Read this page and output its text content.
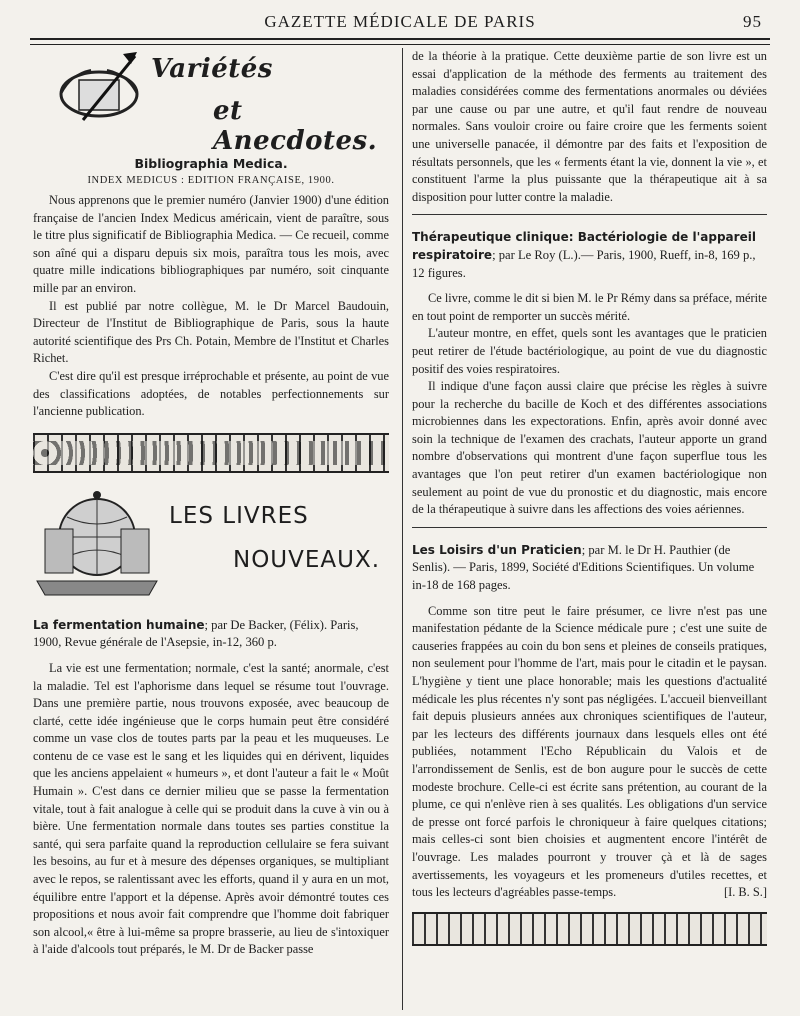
GAZETTE MÉDICALE DE PARIS	95
Variétés
et Anecdotes.
Bibliographia Medica.
INDEX MEDICUS : EDITION FRANÇAISE, 1900.

Nous apprenons que le premier numéro (Janvier 1900) d'une édition française de l'ancien Index Medicus américain, vient de paraître, sous le titre plus significatif de Bibliographia Medica. — Ce recueil, comme son aîné qui a disparu depuis six mois, paraîtra tous les mois, avec quatre mille indications bibliographiques par numéro, soit cinquante mille par an environ.

Il est publié par notre collègue, M. le Dr Marcel Baudouin, Directeur de l'Institut de Bibliographique de Paris, sous la haute autorité scientifique des Prs Ch. Potain, Membre de l'Institut et Charles Richet.

C'est dire qu'il est presque irréprochable et présente, au point de vue des classifications adoptées, de notables perfectionnements sur l'ancienne publication.

LES LIVRES
NOUVEAUX.
La fermentation humaine; par De Backer, (Félix). Paris, 1900, Revue générale de l'Asepsie, in-12, 360 p.

La vie est une fermentation; normale, c'est la santé; anormale, c'est la maladie. Tel est l'aphorisme dans lequel se résume tout l'ouvrage. Dans une première partie, nous trouvons exposée, avec beaucoup de clarté, cette idée ingénieuse que le corps humain peut être considéré comme un vase clos de toutes parts par la peau et les muqueuses. Le contenu de ce vase est le sang et les liquides qui en dérivent, liquides que les anciens appelaient « humeurs », et dont l'auteur a fait le « Moût Humain ». C'est dans ce dernier milieu que se passe la fermentation vitale, tout à fait analogue à celle qui se produit dans la cuve à vin ou à bière. Une fermentation normale dans toutes ses parties constitue la santé, qui sera parfaite quand la reproduction cellulaire se fera suivant les besoins, au fur et à mesure des dépenses organiques, se multipliant avec le repos, se ralentissant avec les efforts, quand il y aura en un mot, équilibre entre l'apport et la dépense. Après avoir démontré toutes ces propositions et nous avoir fait comprendre que l'homme doit fabriquer son alcool,« être à lui-même sa propre brasserie, au lieu de s'intoxiquer à l'aide d'alcools tout préparés, le M. Dr de Backer passe

de la théorie à la pratique. Cette deuxième partie de son livre est un essai d'application de la méthode des ferments au traitement des maladies considérées comme des fermentations anormales ou déviées par une cause ou par une autre, et qu'il faut rendre de nouveau normales. Sans vouloir croire ou faire croire que les ferments soient une universelle panacée, il démontre par des faits et l'exposition de résultats personnels, que les « ferments étant la vie, donnent la vie », et constituent l'arme la plus puissante que la thérapeutique ait à sa disposition pour lutter contre la maladie.

Thérapeutique clinique: Bactériologie de l'appareil respiratoire; par Le Roy (L.).— Paris, 1900, Rueff, in-8, 169 p., 12 figures.

Ce livre, comme le dit si bien M. le Pr Rémy dans sa préface, mérite en tout point de remporter un succès mérité.

L'auteur montre, en effet, quels sont les avantages que le praticien peut retirer de l'étude bactériologique, au point de vue du diagnostic positif des voies respiratoires.

Il indique d'une façon aussi claire que précise les règles à suivre pour la recherche du bacille de Koch et des différentes associations microbiennes dans les expectorations. Enfin, après avoir donné avec soin la technique de l'examen des crachats, l'auteur apporte un grand nombre d'observations qui montrent d'une façon superflue tous les avantages que l'on peut retirer d'un examen bactériologique non seulement au point de vue du pronostic et du diagnostic, mais encore de la thérapeutique à suivre dans les affections des voies aériennes.

Les Loisirs d'un Praticien; par M. le Dr H. Pauthier (de Senlis). — Paris, 1899, Société d'Editions Scientifiques. Un volume in-18 de 168 pages.

Comme son titre peut le faire présumer, ce livre n'est pas une manifestation pédante de la Science médicale pure ; c'est une suite de causeries frappées au coin du bon sens et pleines de conseils pratiques, non seulement pour l'homme de l'art, mais pour le citadin et le paysan. L'hygiène y tient une place honorable; mais les questions d'actualité médicale les plus récentes n'y sont pas négligées. L'accueil bienveillant fait depuis plusieurs années aux chroniques scientifiques de l'auteur, par les lecteurs des différents journaux dans lesquels elles ont été publiées, notamment l'Echo Républicain du Valois et de l'arrondissement de Senlis, est de bon augure pour le succès de cette modeste brochure. Celle-ci est écrite sans prétention, au courant de la plume, ce qui n'enlève rien à ses qualités. Les obligations d'un service de presse ont forcé parfois le chroniqueur à faire quelques citations; mais celles-ci sont bien choisies et augmentent encore l'intérêt de l'ouvrage. Les malades pourront y trouver çà et là de sages avertissements, les voyageurs et les promeneurs d'utiles recettes, et tous les lecteurs d'agréables passe-temps.	[I. B. S.]
